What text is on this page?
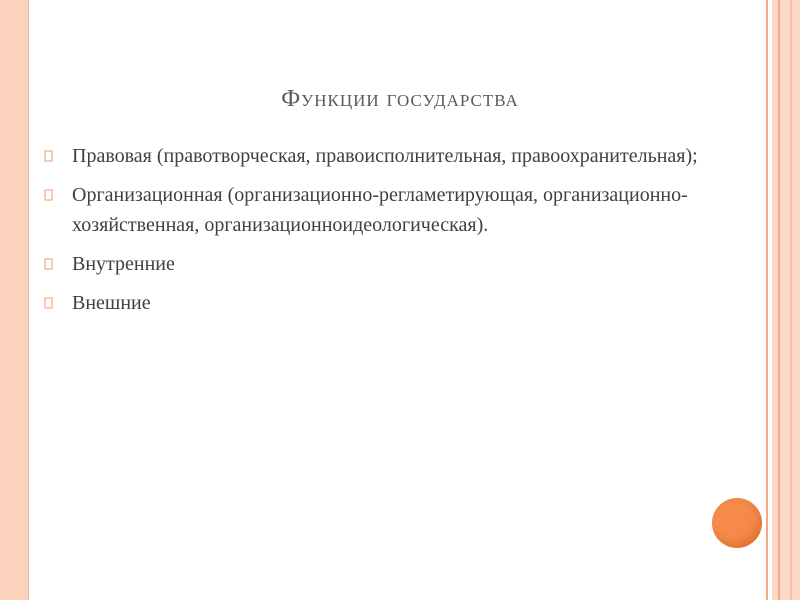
Функции государства
Правовая (правотворческая, правоисполнительная, правоохранительная);
Организационная (организационно-регламетирующая, организационно-хозяйственная, организационноидеологическая).
Внутренние
Внешние
